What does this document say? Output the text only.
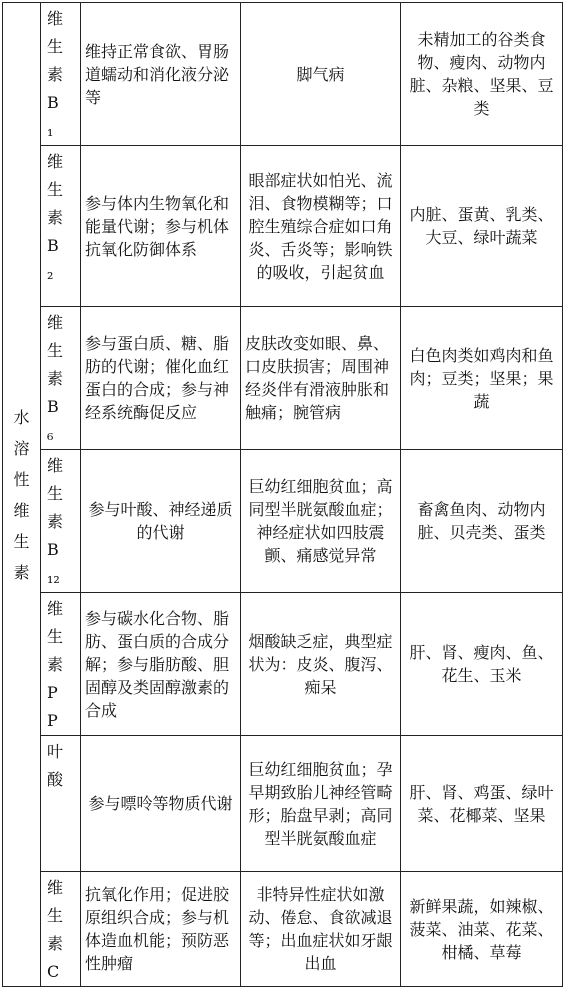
水溶性维生素	维生素B₁	维持正常食欲、胃肠道蠕动和消化液分泌等	脚气病	未精加工的谷类食物、瘦肉、动物内脏、杂粮、坚果、豆类

	维生素B₂	参与体内生物氧化和能量代谢；参与机体抗氧化防御体系	眼部症状如怕光、流泪、食物模糊等；口腔生殖综合症如口角炎、舌炎等；影响铁的吸收，引起贫血	内脏、蛋黄、乳类、大豆、绿叶蔬菜

	维生素B₆	参与蛋白质、糖、脂肪的代谢；催化血红蛋白的合成；参与神经系统酶促反应	皮肤改变如眼、鼻、口皮肤损害；周围神经炎伴有滑液肿胀和触痛；腕管病	白色肉类如鸡肉和鱼肉；豆类；坚果；果蔬

	维生素B₁₂	参与叶酸、神经递质的代谢	巨幼红细胞贫血；高同型半胱氨酸血症；神经症状如四肢震颤、痛感觉异常	畜禽鱼肉、动物内脏、贝壳类、蛋类

	维生素PP	参与碳水化合物、脂肪、蛋白质的合成分解；参与脂肪酸、胆固醇及类固醇激素的合成	烟酸缺乏症，典型症状为：皮炎、腹泻、痴呆	肝、肾、瘦肉、鱼、花生、玉米

	叶酸	参与嘌呤等物质代谢	巨幼红细胞贫血；孕早期致胎儿神经管畸形；胎盘早剥；高同型半胱氨酸血症	肝、肾、鸡蛋、绿叶菜、花椰菜、坚果

	维生素C	抗氧化作用；促进胶原组织合成；参与机体造血机能；预防恶性肿瘤	非特异性症状如激动、倦怠、食欲减退等；出血症状如牙龈出血	新鲜果蔬，如辣椒、菠菜、油菜、花菜、柑橘、草莓
